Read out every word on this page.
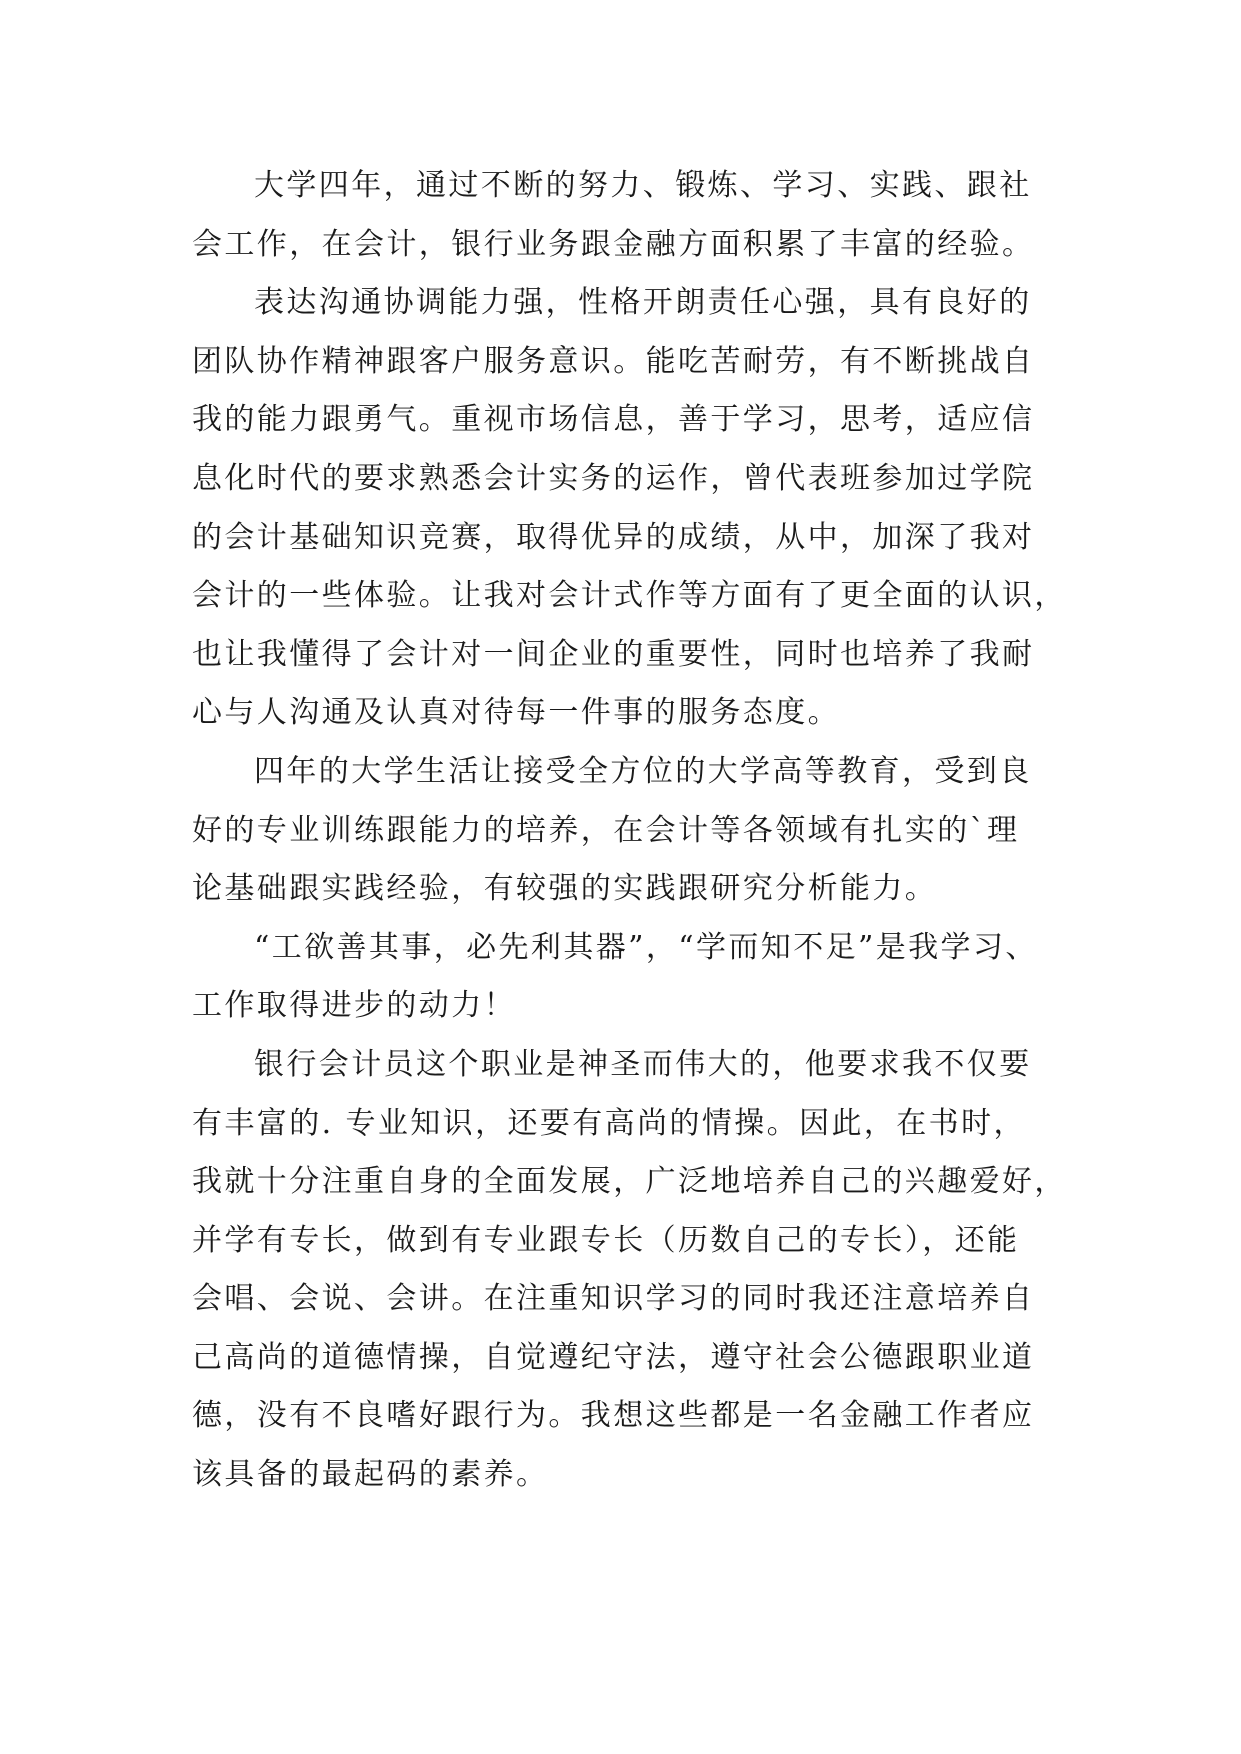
大学四年，通过不断的努力、锻炼、学习、实践、跟社
会工作，在会计，银行业务跟金融方面积累了丰富的经验。
表达沟通协调能力强，性格开朗责任心强，具有良好的
团队协作精神跟客户服务意识。能吃苦耐劳，有不断挑战自
我的能力跟勇气。重视市场信息，善于学习，思考，适应信
息化时代的要求熟悉会计实务的运作，曾代表班参加过学院
的会计基础知识竞赛，取得优异的成绩，从中，加深了我对
会计的一些体验。让我对会计式作等方面有了更全面的认识，
也让我懂得了会计对一间企业的重要性，同时也培养了我耐
心与人沟通及认真对待每一件事的服务态度。
四年的大学生活让接受全方位的大学高等教育，受到良
好的专业训练跟能力的培养，在会计等各领域有扎实的`理
论基础跟实践经验，有较强的实践跟研究分析能力。
“工欲善其事，必先利其器”，“学而知不足”是我学习、
工作取得进步的动力！
银行会计员这个职业是神圣而伟大的，他要求我不仅要
有丰富的. 专业知识，还要有高尚的情操。因此，在书时，
我就十分注重自身的全面发展，广泛地培养自己的兴趣爱好，
并学有专长，做到有专业跟专长（历数自己的专长），还能
会唱、会说、会讲。在注重知识学习的同时我还注意培养自
己高尚的道德情操，自觉遵纪守法，遵守社会公德跟职业道
德，没有不良嗜好跟行为。我想这些都是一名金融工作者应
该具备的最起码的素养。
